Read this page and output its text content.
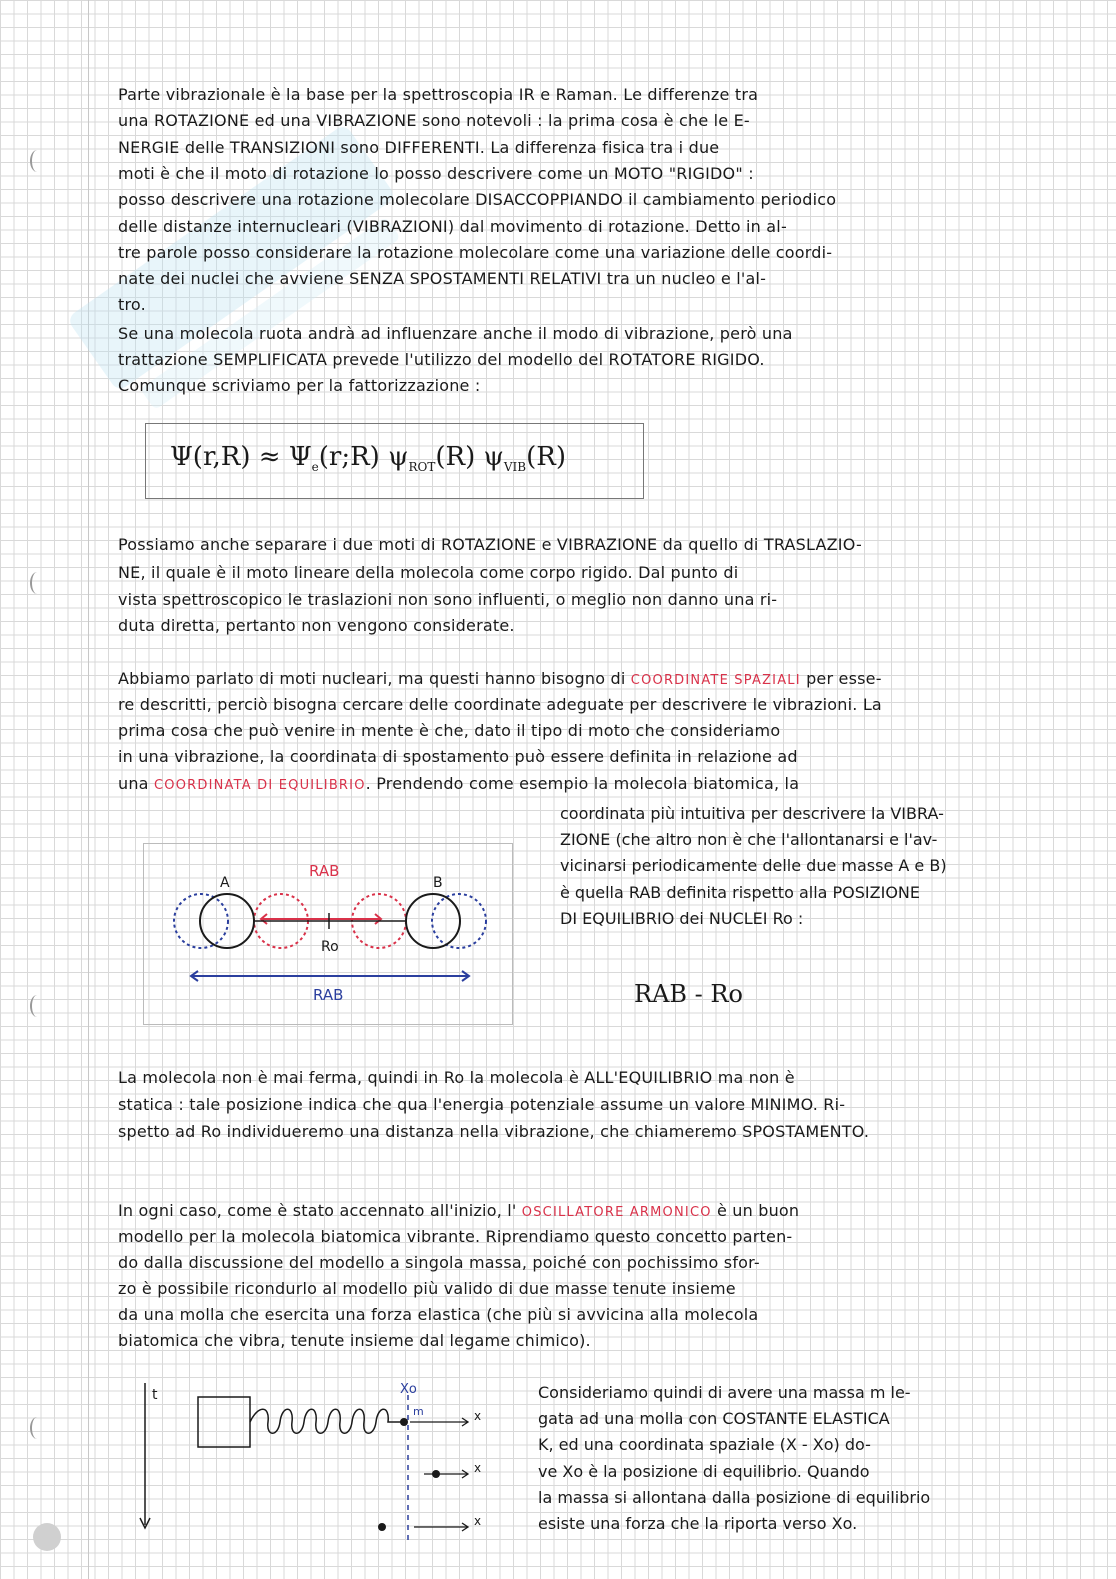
Parte vibrazionale è la base per la spettroscopia IR e Raman. Le differenze tra
una ROTAZIONE ed una VIBRAZIONE sono notevoli : la prima cosa è che le E-
NERGIE delle TRANSIZIONI sono DIFFERENTI. La differenza fisica tra i due
moti è che il moto di rotazione lo posso descrivere come un MOTO "RIGIDO" :
posso descrivere una rotazione molecolare DISACCOPPIANDO il cambiamento periodico
delle distanze internucleari (VIBRAZIONI) dal movimento di rotazione. Detto in al-
tre parole posso considerare la rotazione molecolare come una variazione delle coordi-
nate dei nuclei che avviene SENZA SPOSTAMENTI RELATIVI tra un nucleo e l'al-
tro.
Se una molecola ruota andrà ad influenzare anche il modo di vibrazione, però una
trattazione SEMPLIFICATA prevede l'utilizzo del modello del ROTATORE RIGIDO.
Comunque scriviamo per la fattorizzazione :
$\Psi(r,R) \approx \Psi_e(r;R)$ $\psi_{ROT}(R)$ $\psi_{VIB}(R)$
Possiamo anche separare i due moti di ROTAZIONE e VIBRAZIONE da quello di TRASLAZIO-
NE, il quale è il moto lineare della molecola come corpo rigido. Dal punto di
vista spettroscopico le traslazioni non sono influenti, o meglio non danno una ri-
duta diretta, pertanto non vengono considerate.
Abbiamo parlato di moti nucleari, ma questi hanno bisogno di COORDINATE SPAZIALI per esse-
re descritti, perciò bisogna cercare delle coordinate adeguate per descrivere le vibrazioni. La
prima cosa che può venire in mente è che, dato il tipo di moto che consideriamo
in una vibrazione, la coordinata di spostamento può essere definita in relazione ad
una COORDINATA DI EQUILIBRIO. Prendendo come esempio la molecola biatomica, la
coordinata più intuitiva per descrivere la VIBRA-
ZIONE (che altro non è che l'allontanarsi e l'av-
vicinarsi periodicamente delle due masse A e B)
è quella RAB definita rispetto alla POSIZIONE
DI EQUILIBRIO dei NUCLEI Ro :
RAB - Ro
RAB
A	B
Ro
RAB
La molecola non è mai ferma, quindi in Ro la molecola è ALL'EQUILIBRIO ma non è
statica : tale posizione indica che qua l'energia potenziale assume un valore MINIMO. Ri-
spetto ad Ro individueremo una distanza nella vibrazione, che chiameremo SPOSTAMENTO.
In ogni caso, come è stato accennato all'inizio, l' OSCILLATORE ARMONICO è un buon
modello per la molecola biatomica vibrante. Riprendiamo questo concetto parten-
do dalla discussione del modello a singola massa, poiché con pochissimo sfor-
zo è possibile ricondurlo al modello più valido di due masse tenute insieme
da una molla che esercita una forza elastica (che più si avvicina alla molecola
biatomica che vibra, tenute insieme dal legame chimico).
t	Xo
m	x
x
x
Consideriamo quindi di avere una massa m le-
gata ad una molla con COSTANTE ELASTICA
K, ed una coordinata spaziale (X - Xo) do-
ve Xo è la posizione di equilibrio. Quando
la massa si allontana dalla posizione di equilibrio
esiste una forza che la riporta verso Xo.
